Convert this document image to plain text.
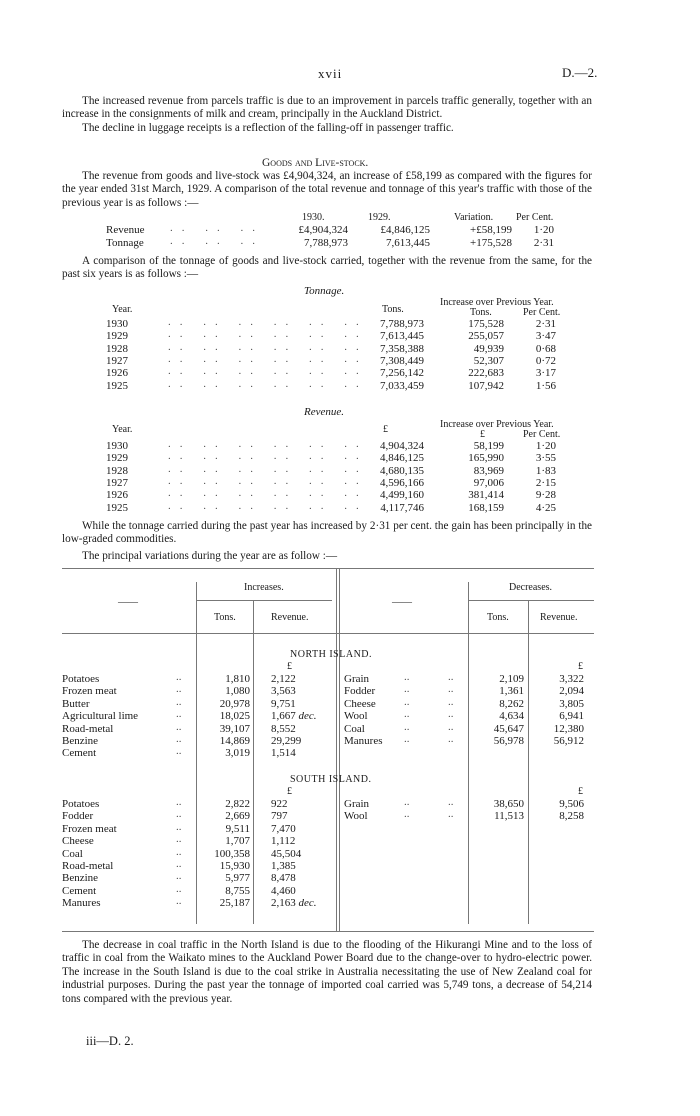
xvii	D.—2.
The increased revenue from parcels traffic is due to an improvement in parcels traffic generally, together with an increase in the consignments of milk and cream, principally in the Auckland District.
The decline in luggage receipts is a reflection of the falling-off in passenger traffic.
Goods and Live-stock.
The revenue from goods and live-stock was £4,904,324, an increase of £58,199 as compared with the figures for the year ended 31st March, 1929. A comparison of the total revenue and tonnage of this year's traffic with those of the previous year is as follows :—
1930.	1929.	Variation. Per Cent.
Revenue .. .. ..	£4,904,324	£4,846,125	+£58,199	1·20
Tonnage .. .. ..	7,788,973	7,613,445	+175,528	2·31
A comparison of the tonnage of goods and live-stock carried, together with the revenue from the same, for the past six years is as follows :—
Tonnage.
Year.	Tons.
Increase over Previous Year.
Tons.	Per Cent.
1930	.. .. .. .. .. ..	7,788,973	175,528	2·31
1929	.. .. .. .. .. ..	7,613,445	255,057	3·47
1928	.. .. .. .. .. ..	7,358,388	49,939	0·68
1927	.. .. .. .. .. ..	7,308,449	52,307	0·72
1926	.. .. .. .. .. ..	7,256,142	222,683	3·17
1925	.. .. .. .. .. ..	7,033,459	107,942	1·56
Revenue.
Year.	£	Increase over Previous Year.
£	Per Cent.
1930	.. .. .. .. .. ..	4,904,324	58,199	1·20
1929	.. .. .. .. .. ..	4,846,125	165,990	3·55
1928	.. .. .. .. .. ..	4,680,135	83,969	1·83
1927	.. .. .. .. .. ..	4,596,166	97,006	2·15
1926	.. .. .. .. .. ..	4,499,160	381,414	9·28
1925	.. .. .. .. .. ..	4,117,746	168,159	4·25
While the tonnage carried during the past year has increased by 2·31 per cent. the gain has been principally in the low-graded commodities.
The principal variations during the year are as follow :—
Increases.	Decreases.
——	——
Tons.	Revenue.	Tons.	Revenue.
NORTH ISLAND.
£	£
Potatoes	..	1,810 2,122
Frozen meat	..	1,080 3,563
Butter	..	20,978 9,751
Agricultural lime	..	18,025 1,667 dec.
Road-metal	..	39,107 8,552
Benzine	..	14,869 29,299
Cement	..	3,019 1,514
Grain	..	..	2,109	3,322
Fodder	..	..	1,361	2,094
Cheese	..	..	8,262	3,805
Wool	..	..	4,634	6,941
Coal	..	..	45,647	12,380
Manures ..	..	56,978	56,912
SOUTH ISLAND.
£	£
Potatoes	..	2,822 922
Fodder	..	2,669 797
Frozen meat	..	9,511 7,470
Cheese	..	1,707 1,112
Coal	..	100,358 45,504
Road-metal	..	15,930 1,385
Benzine	..	5,977 8,478
Cement	..	8,755 4,460
Manures	..	25,187 2,163 dec.
Grain	..	..	38,650	9,506
Wool	..	..	11,513	8,258
The decrease in coal traffic in the North Island is due to the flooding of the Hikurangi Mine and to the loss of traffic in coal from the Waikato mines to the Auckland Power Board due to the change-over to hydro-electric power. The increase in the South Island is due to the coal strike in Australia necessitating the use of New Zealand coal for industrial purposes. During the past year the tonnage of imported coal carried was 5,749 tons, a decrease of 54,214 tons compared with the previous year.
iii—D. 2.
